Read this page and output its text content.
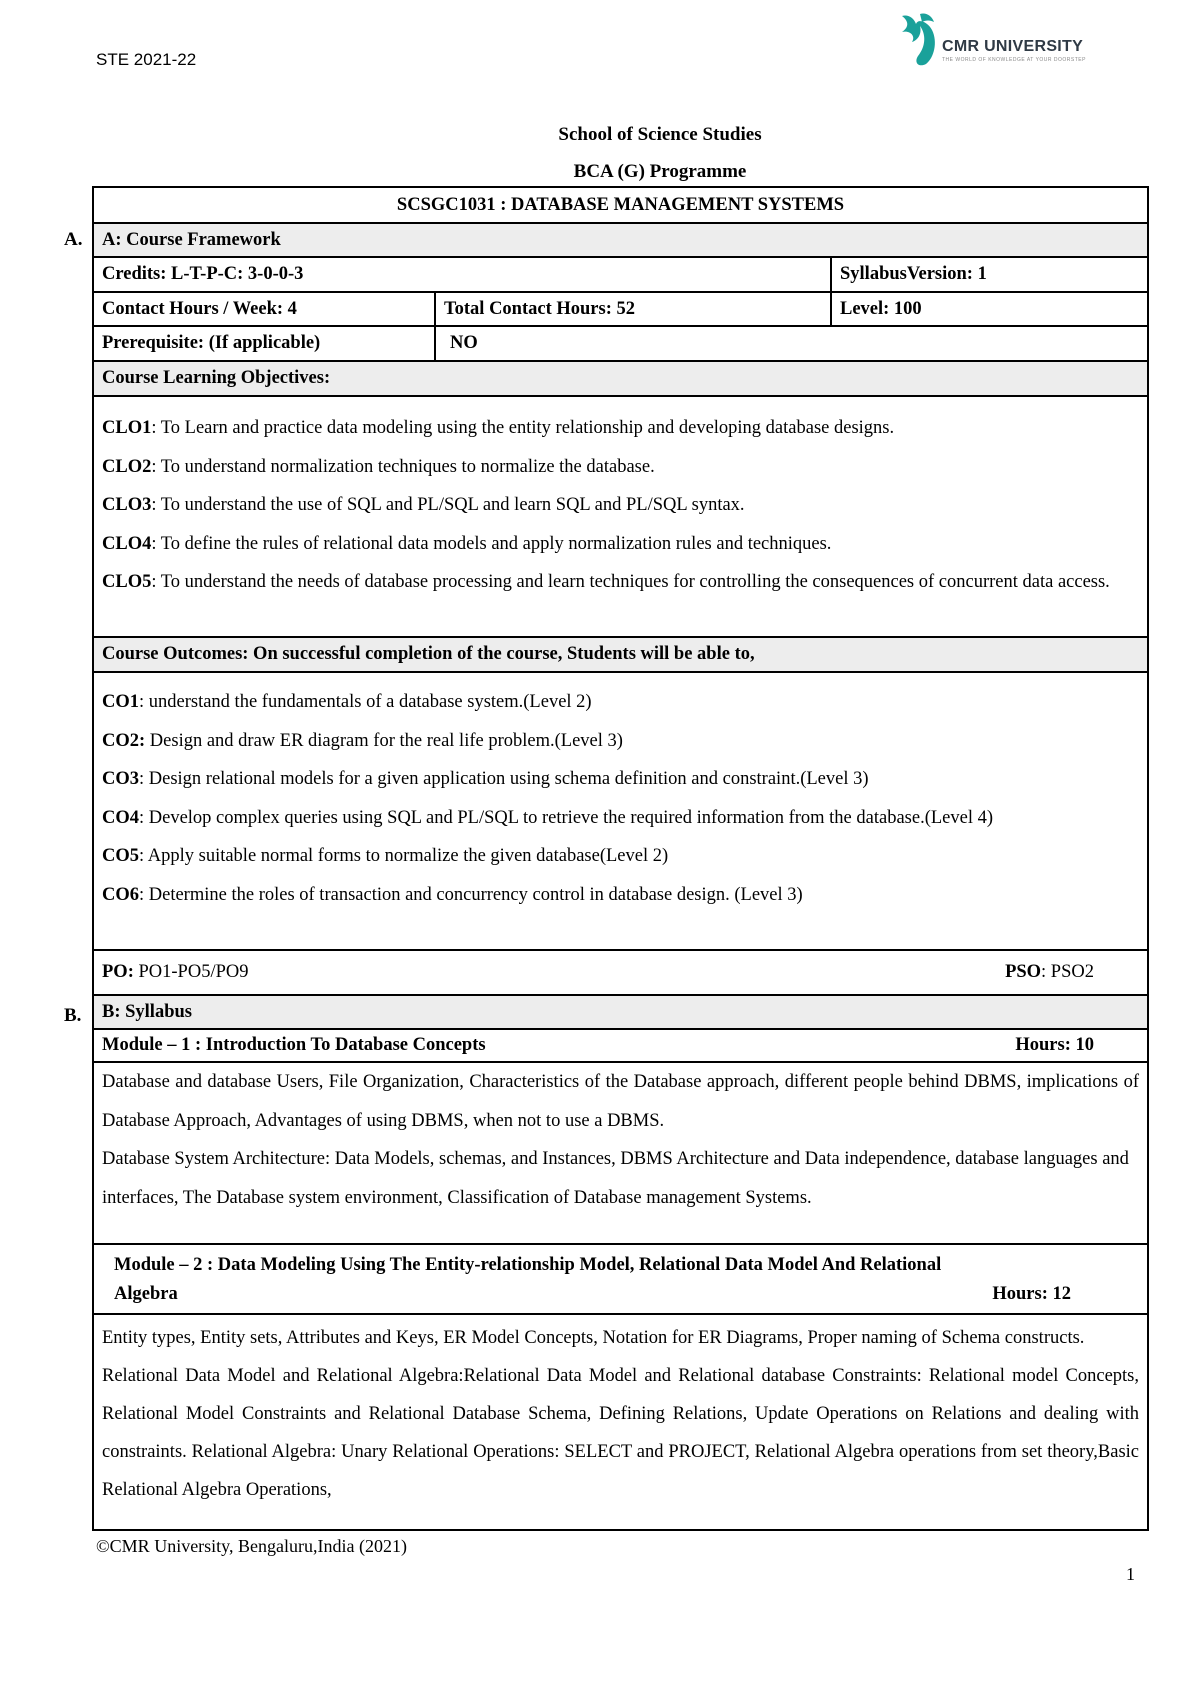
STE 2021-22
CMR UNIVERSITY
THE WORLD OF KNOWLEDGE AT YOUR DOORSTEP
School of Science Studies
BCA (G) Programme
A.
B.
SCSGC1031 : DATABASE MANAGEMENT SYSTEMS
A: Course Framework
Credits: L-T-P-C: 3-0-0-3	SyllabusVersion: 1
Contact Hours / Week: 4	Total Contact Hours: 52	Level: 100
Prerequisite: (If applicable)	NO
Course Learning Objectives:

CLO1: To Learn and practice data modeling using the entity relationship and developing database designs.

CLO2: To understand normalization techniques to normalize the database.

CLO3: To understand the use of SQL and PL/SQL and learn SQL and PL/SQL syntax.

CLO4: To define the rules of relational data models and apply normalization rules and techniques.

CLO5: To understand the needs of database processing and learn techniques for controlling the consequences of concurrent data access.

Course Outcomes: On successful completion of the course, Students will be able to,

CO1: understand the fundamentals of a database system.(Level 2)

CO2: Design and draw ER diagram for the real life problem.(Level 3)

CO3: Design relational models for a given application using schema definition and constraint.(Level 3)

CO4: Develop complex queries using SQL and PL/SQL to retrieve the required information from the database.(Level 4)

CO5: Apply suitable normal forms to normalize the given database(Level 2)

CO6: Determine the roles of transaction and concurrency control in database design. (Level 3)

PO: PO1-PO5/PO9	PSO: PSO2
B: Syllabus
Module – 1 : Introduction To Database Concepts	Hours: 10

Database and database Users, File Organization, Characteristics of the Database approach, different people behind DBMS, implications of Database Approach, Advantages of using DBMS, when not to use a DBMS.

Database System Architecture: Data Models, schemas, and Instances, DBMS Architecture and Data independence, database languages and interfaces, The Database system environment, Classification of Database management Systems.

Module – 2 : Data Modeling Using The Entity-relationship Model, Relational Data Model And Relational
Algebra	Hours: 12

Entity types, Entity sets, Attributes and Keys, ER Model Concepts, Notation for ER Diagrams, Proper naming of Schema constructs.

Relational Data Model and Relational Algebra:Relational Data Model and Relational database Constraints: Relational model Concepts, Relational Model Constraints and Relational Database Schema, Defining Relations, Update Operations on Relations and dealing with constraints. Relational Algebra: Unary Relational Operations: SELECT and PROJECT, Relational Algebra operations from set theory,Basic Relational Algebra Operations,

©CMR University, Bengaluru,India (2021)
1
